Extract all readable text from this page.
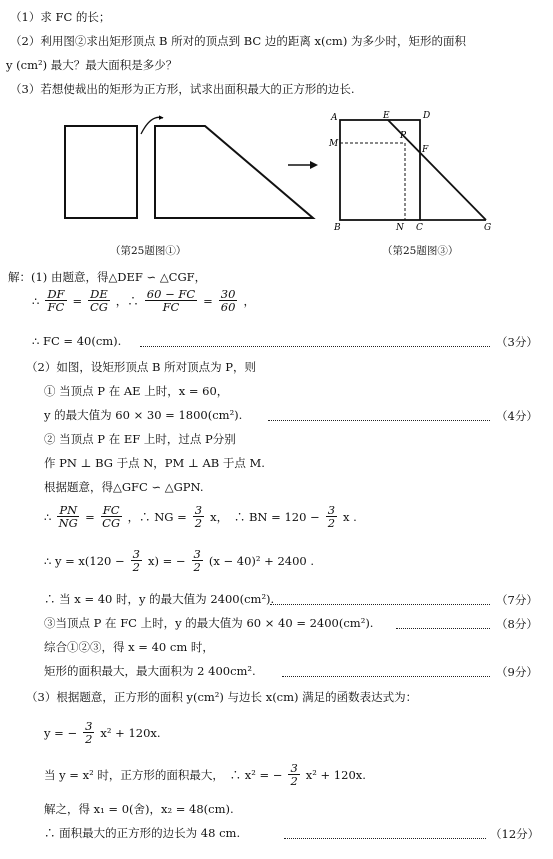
（1）求 FC 的长；
（2）利用图②求出矩形顶点 B 所对的顶点到 BC 边的距离 x(cm) 为多少时，矩形的面积
y (cm²) 最大？最大面积是多少？
（3）若想使裁出的矩形为正方形，试求出面积最大的正方形的边长.
▸
（第25题图①）
A	E	D
P
M
F
B	N C	G
（第25题图③）
解：(1) 由题意，得△DEF ∽ △CGF，
∴ $\frac{DF}{FC} = \frac{DE}{CG}$ ，∴ $\frac{60 - FC}{FC} = \frac{30}{60}$ ，
∴ FC = 40(cm).	（3分）
（2）如图，设矩形顶点 B 所对顶点为 P，则
① 当顶点 P 在 AE 上时，x = 60，
y 的最大值为 60 × 30 = 1800(cm²).	（4分）
② 当顶点 P 在 EF 上时，过点 P分别
作 PN ⊥ BG 于点 N，PM ⊥ AB 于点 M.
根据题意，得△GFC ∽ △GPN.
∴ $\frac{PN}{NG} = \frac{FC}{CG}$ ，∴ NG = $\frac{3}{2}$ x，　∴ BN = $120 - \frac{3}{2}$ x .
∴ $y = x(120 - \frac{3}{2} x)$ = − $\frac{3}{2} (x - 40)^2 + 2400$ .
∴ 当 x = 40 时，y 的最大值为 2400(cm²).	（7分）
③当顶点 P 在 FC 上时，y 的最大值为 60 × 40 = 2400(cm²).	（8分）
综合①②③，得 x = 40 cm 时，
矩形的面积最大，最大面积为 2 400cm².	（9分）
（3）根据题意，正方形的面积 y(cm²) 与边长 x(cm) 满足的函数表达式为：
y = − $\frac{3}{2} x^2 + 120x$.
当 y = x² 时，正方形的面积最大，　∴ x² = − $\frac{3}{2} x^2 + 120x$.
解之，得 x₁ = 0(舍)，x₂ = 48(cm).
∴ 面积最大的正方形的边长为 48 cm.	（12分）
